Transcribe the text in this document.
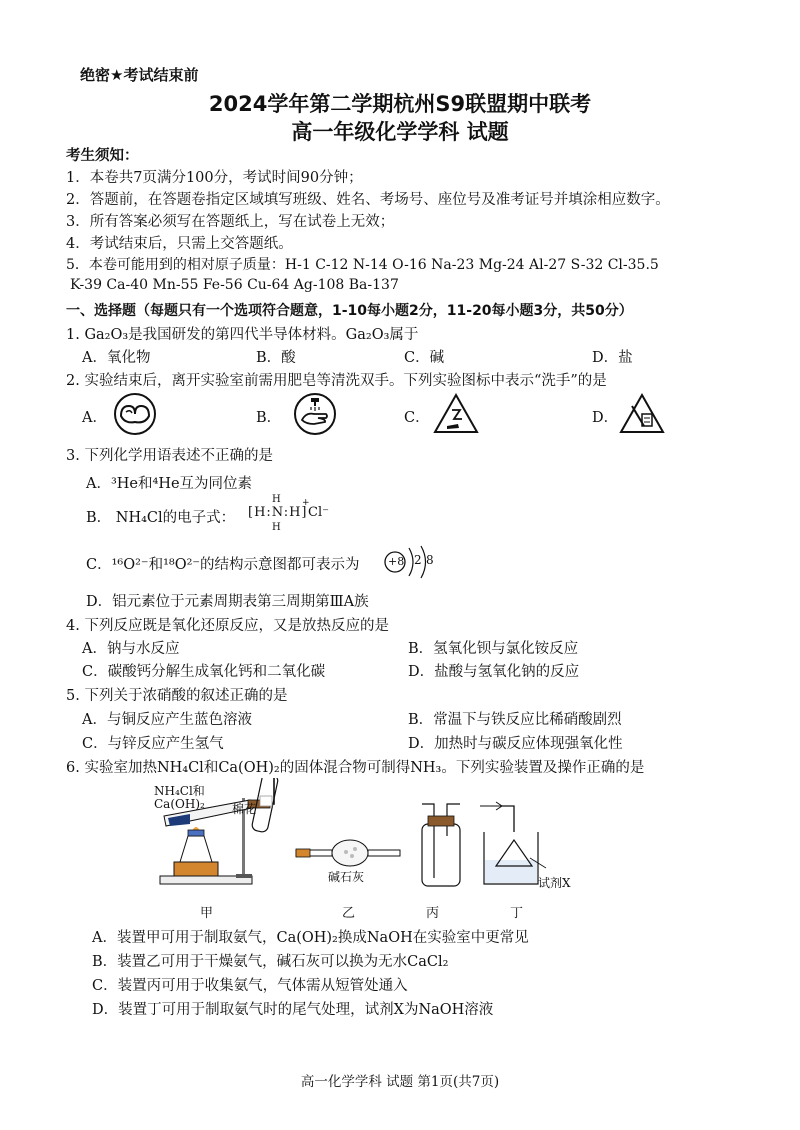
绝密★考试结束前
2024学年第二学期杭州S9联盟期中联考
高一年级化学学科 试题
考生须知：
1．本卷共7页满分100分，考试时间90分钟；
2．答题前，在答题卷指定区域填写班级、姓名、考场号、座位号及准考证号并填涂相应数字。
3．所有答案必须写在答题纸上，写在试卷上无效；
4．考试结束后，只需上交答题纸。
5．本卷可能用到的相对原子质量：H-1 C-12 N-14 O-16 Na-23 Mg-24 Al-27 S-32 Cl-35.5
K-39 Ca-40 Mn-55 Fe-56 Cu-64 Ag-108 Ba-137
一、选择题（每题只有一个选项符合题意，1-10每小题2分，11-20每小题3分，共50分）
1. Ga₂O₃是我国研发的第四代半导体材料。Ga₂O₃属于
A．氧化物	B．酸	C．碱	D．盐
2. 实验结束后，离开实验室前需用肥皂等清洗双手。下列实验图标中表示“洗手”的是
A．	B．	C．	D．
3. 下列化学用语表述不正确的是
A．³He和⁴He互为同位素
B． NH₄Cl的电子式：
H
[H:N:H]
H
+
Cl⁻
C．¹⁶O²⁻和¹⁸O²⁻的结构示意图都可表示为	+8 2 8
D．铝元素位于元素周期表第三周期第ⅢA族
4. 下列反应既是氧化还原反应，又是放热反应的是
A．钠与水反应	B．氢氧化钡与氯化铵反应
C．碳酸钙分解生成氧化钙和二氧化碳	D．盐酸与氢氧化钠的反应
5. 下列关于浓硝酸的叙述正确的是
A．与铜反应产生蓝色溶液	B．常温下与铁反应比稀硝酸剧烈
C．与锌反应产生氢气	D．加热时与碳反应体现强氧化性
6. 实验室加热NH₄Cl和Ca(OH)₂的固体混合物可制得NH₃。下列实验装置及操作正确的是
NH₄Cl和
Ca(OH)₂ 棉花
碱石灰	试剂X
甲	乙	丙	丁
A．装置甲可用于制取氨气，Ca(OH)₂换成NaOH在实验室中更常见
B．装置乙可用于干燥氨气，碱石灰可以换为无水CaCl₂
C．装置丙可用于收集氨气，气体需从短管处通入
D．装置丁可用于制取氨气时的尾气处理，试剂X为NaOH溶液
高一化学学科 试题 第1页(共7页)
